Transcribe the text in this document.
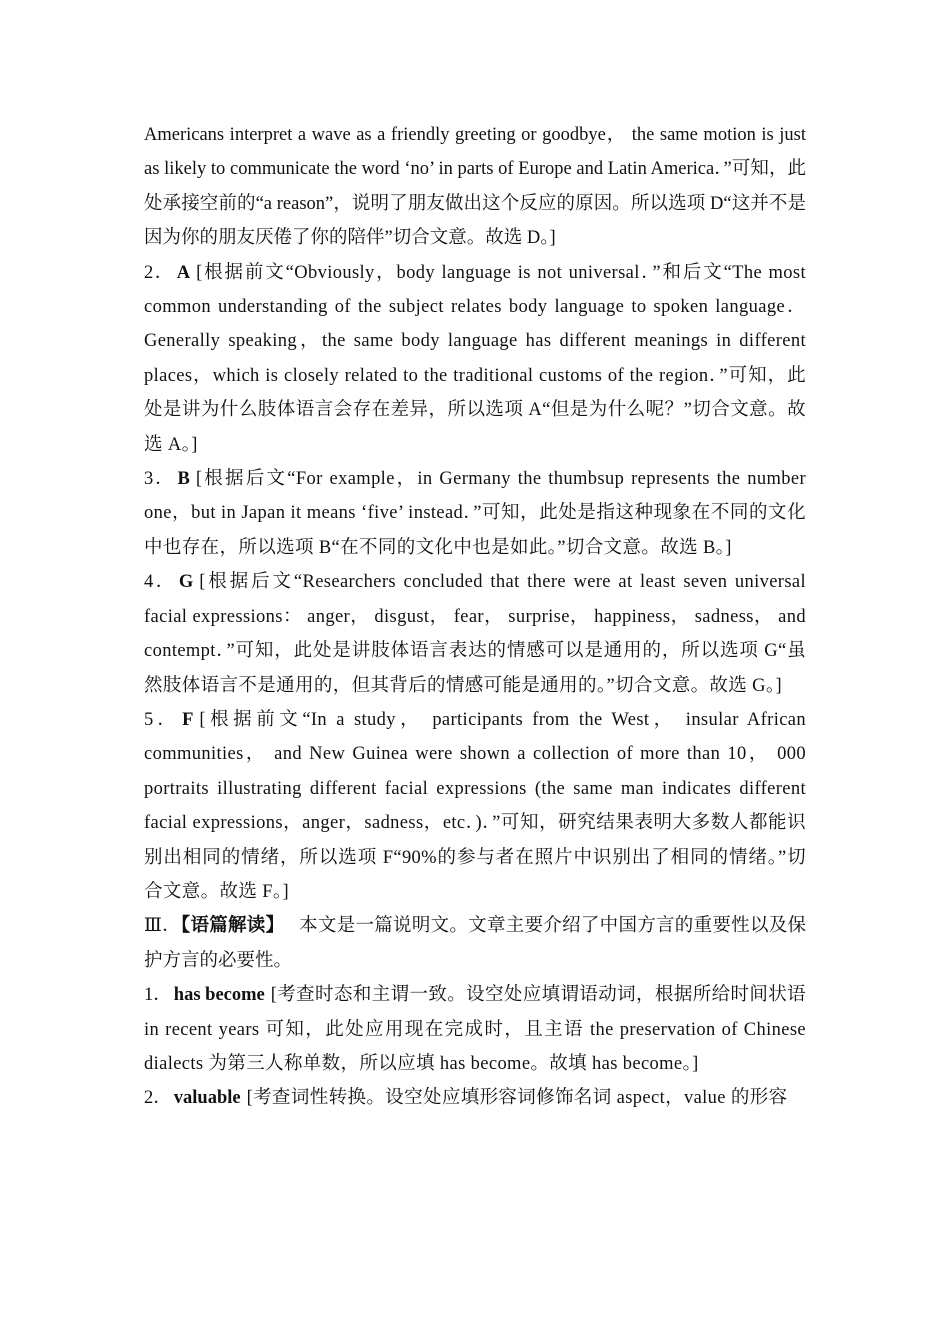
Americans interpret a wave as a friendly greeting or goodbye， the same motion is just as likely to communicate the word ‘no’ in parts of Europe and Latin America．”可知，此处承接空前的“a reason”，说明了朋友做出这个反应的原因。所以选项 D“这并不是因为你的朋友厌倦了你的陪伴”切合文意。故选 D。]

2． A [根据前文“Obviously，body language is not universal．”和后文“The most common understanding of the subject relates body language to spoken language． Generally speaking，the same body language has different meanings in different places，which is closely related to the traditional customs of the region．”可知，此处是讲为什么肢体语言会存在差异，所以选项 A“但是为什么呢？”切合文意。故选 A。]

3． B [根据后文“For example，in Germany the thumbsup represents the number one，but in Japan it means ‘five’ instead．”可知，此处是指这种现象在不同的文化中也存在，所以选项 B“在不同的文化中也是如此。”切合文意。故选 B。]

4． G [根据后文“Researchers concluded that there were at least seven universal facial expressions： anger， disgust， fear， surprise， happiness， sadness， and contempt．”可知，此处是讲肢体语言表达的情感可以是通用的，所以选项 G“虽然肢体语言不是通用的，但其背后的情感可能是通用的。”切合文意。故选 G。]

5． F [根据前文“In a study， participants from the West， insular African communities， and New Guinea were shown a collection of more than 10， 000 portraits illustrating different facial expressions (the same man indicates different facial expressions，anger，sadness，etc．)．”可知，研究结果表明大多数人都能识别出相同的情绪，所以选项 F“90%的参与者在照片中识别出了相同的情绪。”切合文意。故选 F。]

Ⅲ．【语篇解读】 本文是一篇说明文。文章主要介绍了中国方言的重要性以及保护方言的必要性。

1． has become [考查时态和主谓一致。设空处应填谓语动词，根据所给时间状语 in recent years 可知，此处应用现在完成时，且主语 the preservation of Chinese dialects 为第三人称单数，所以应填 has become。故填 has become。]

2． valuable [考查词性转换。设空处应填形容词修饰名词 aspect，value 的形容
